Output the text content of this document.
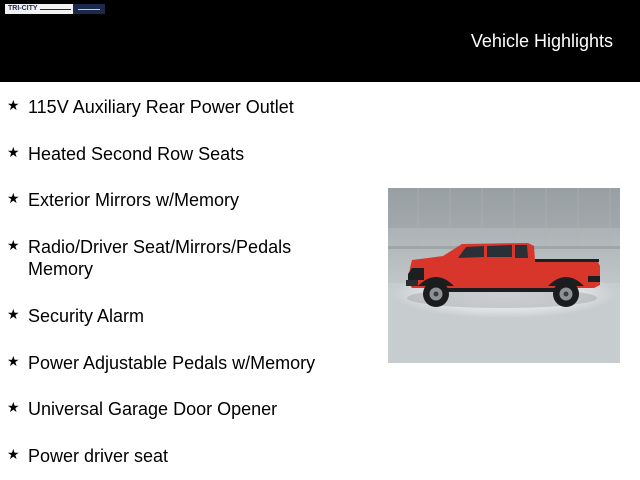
TRI-CITY
Vehicle Highlights
★ 115V Auxiliary Rear Power Outlet
★ Heated Second Row Seats
★ Exterior Mirrors w/Memory
★ Radio/Driver Seat/Mirrors/Pedals Memory
★ Security Alarm
★ Power Adjustable Pedals w/Memory
★ Universal Garage Door Opener
★ Power driver seat
